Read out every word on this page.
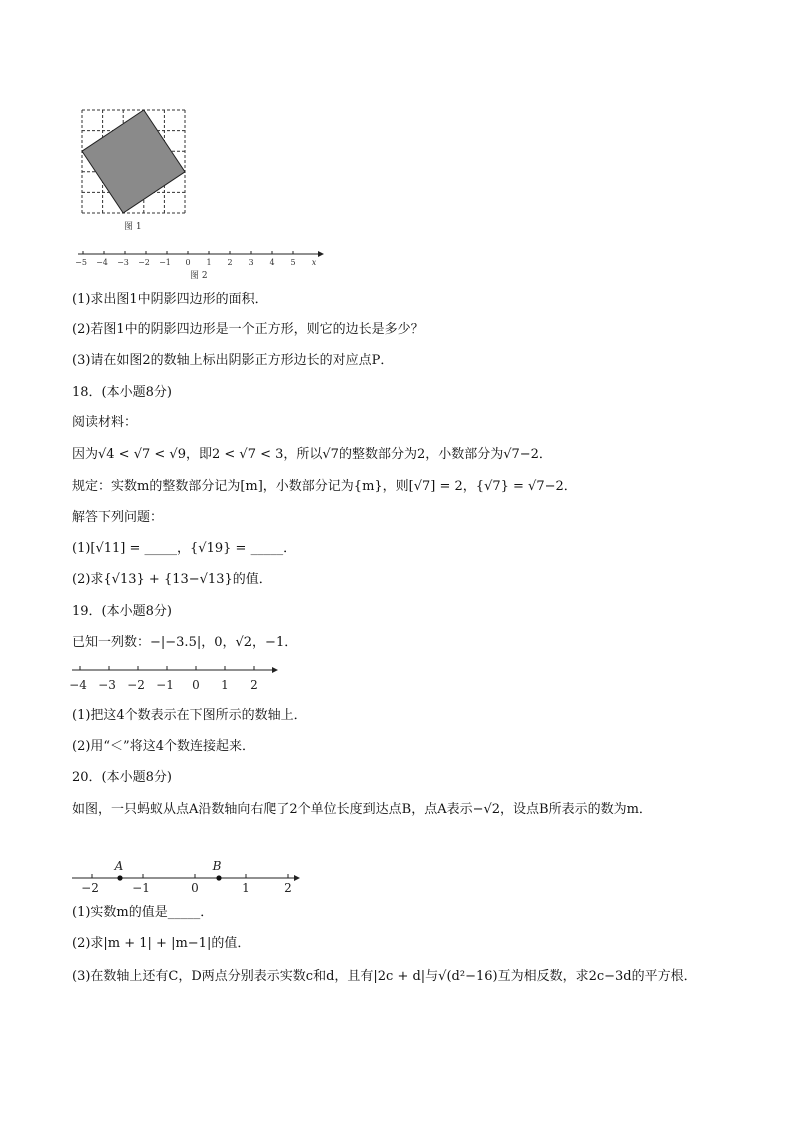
图 1
−5 −4 −3 −2 −1 0 1 2 3 4 5 x
图 2
(1)求出图1中阴影四边形的面积．
(2)若图1中的阴影四边形是一个正方形，则它的边长是多少？
(3)请在如图2的数轴上标出阴影正方形边长的对应点P．
18．(本小题8分)
阅读材料：
因为√4 < √7 < √9，即2 < √7 < 3，所以√7的整数部分为2，小数部分为√7−2．
规定：实数m的整数部分记为[m]，小数部分记为{m}，则[√7] = 2，{√7} = √7−2．
解答下列问题：
(1)[√11] = _____，{√19} = _____．
(2)求{√13} + {13−√13}的值．
19．(本小题8分)
已知一列数：−|−3.5|，0，√2，−1．
−4 −3 −2 −1 0 1 2
(1)把这4个数表示在下图所示的数轴上．
(2)用“＜”将这4个数连接起来．
20．(本小题8分)
如图，一只蚂蚁从点A沿数轴向右爬了2个单位长度到达点B，点A表示−√2，设点B所表示的数为m．
A	B
−2	−1	0	1	2
(1)实数m的值是_____．
(2)求|m + 1| + |m−1|的值．
(3)在数轴上还有C，D两点分别表示实数c和d，且有|2c + d|与√(d²−16)互为相反数，求2c−3d的平方根．
